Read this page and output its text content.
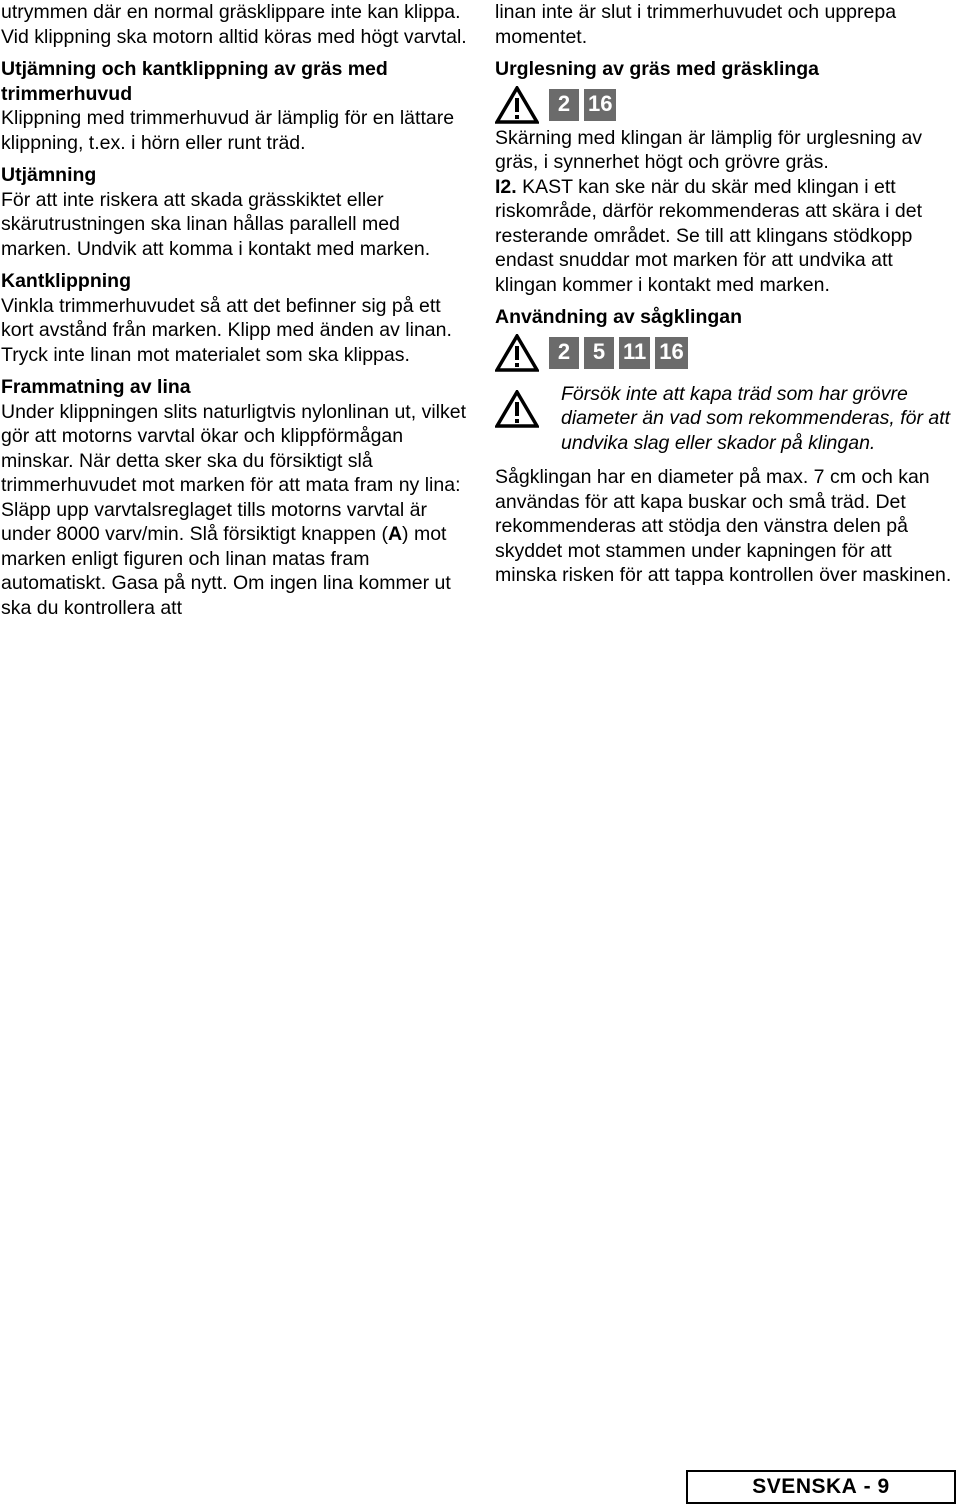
utrymmen där en normal gräsklippare inte kan klippa. Vid klippning ska motorn alltid köras med högt varvtal.

Utjämning och kantklippning av gräs med trimmerhuvud

Klippning med trimmerhuvud är lämplig för en lättare klippning, t.ex. i hörn eller runt träd.

Utjämning

För att inte riskera att skada grässkiktet eller skärutrustningen ska linan hållas parallell med marken. Undvik att komma i kontakt med marken.

Kantklippning

Vinkla trimmerhuvudet så att det befinner sig på ett kort avstånd från marken. Klipp med änden av linan. Tryck inte linan mot materialet som ska klippas.

Frammatning av lina

Under klippningen slits naturligtvis nylonlinan ut, vilket gör att motorns varvtal ökar och klippförmågan minskar. När detta sker ska du försiktigt slå trimmerhuvudet mot marken för att mata fram ny lina: Släpp upp varvtalsreglaget tills motorns varvtal är under 8000 varv/min. Slå försiktigt knappen (A) mot marken enligt figuren och linan matas fram automatiskt. Gasa på nytt. Om ingen lina kommer ut ska du kontrollera att

linan inte är slut i trimmerhuvudet och upprepa momentet.

Urglesning av gräs med gräsklinga
2 16

Skärning med klingan är lämplig för urglesning av gräs, i synnerhet högt och grövre gräs.

I2. KAST kan ske när du skär med klingan i ett riskområde, därför rekommenderas att skära i det resterande området. Se till att klingans stödkopp endast snuddar mot marken för att undvika att klingan kommer i kontakt med marken.

Användning av sågklingan
2	5 11 16

Försök inte att kapa träd som har grövre diameter än vad som rekommenderas, för att undvika slag eller skador på klingan.

Sågklingan har en diameter på max. 7 cm och kan användas för att kapa buskar och små träd. Det rekommenderas att stödja den vänstra delen på skyddet mot stammen under kapningen för att minska risken för att tappa kontrollen över maskinen.

SVENSKA - 9
